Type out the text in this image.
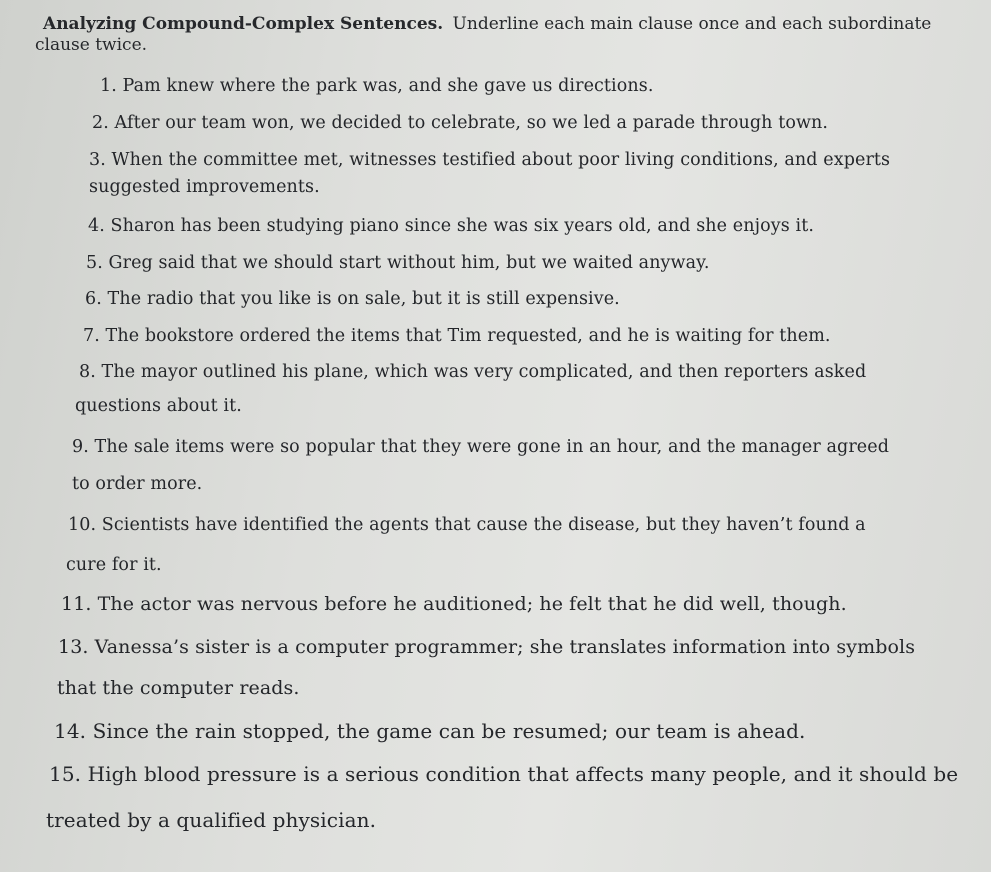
Analyzing Compound-Complex Sentences. Underline each main clause once and each subordinate
clause twice.
1. Pam knew where the park was, and she gave us directions.
2. After our team won, we decided to celebrate, so we led a parade through town.
3. When the committee met, witnesses testified about poor living conditions, and experts
suggested improvements.
4. Sharon has been studying piano since she was six years old, and she enjoys it.
5. Greg said that we should start without him, but we waited anyway.
6. The radio that you like is on sale, but it is still expensive.
7. The bookstore ordered the items that Tim requested, and he is waiting for them.
8. The mayor outlined his plane, which was very complicated, and then reporters asked
questions about it.
9. The sale items were so popular that they were gone in an hour, and the manager agreed
to order more.
10. Scientists have identified the agents that cause the disease, but they haven’t found a
cure for it.
11. The actor was nervous before he auditioned; he felt that he did well, though.
13. Vanessa’s sister is a computer programmer; she translates information into symbols
that the computer reads.
14. Since the rain stopped, the game can be resumed; our team is ahead.
15. High blood pressure is a serious condition that affects many people, and it should be
treated by a qualified physician.
